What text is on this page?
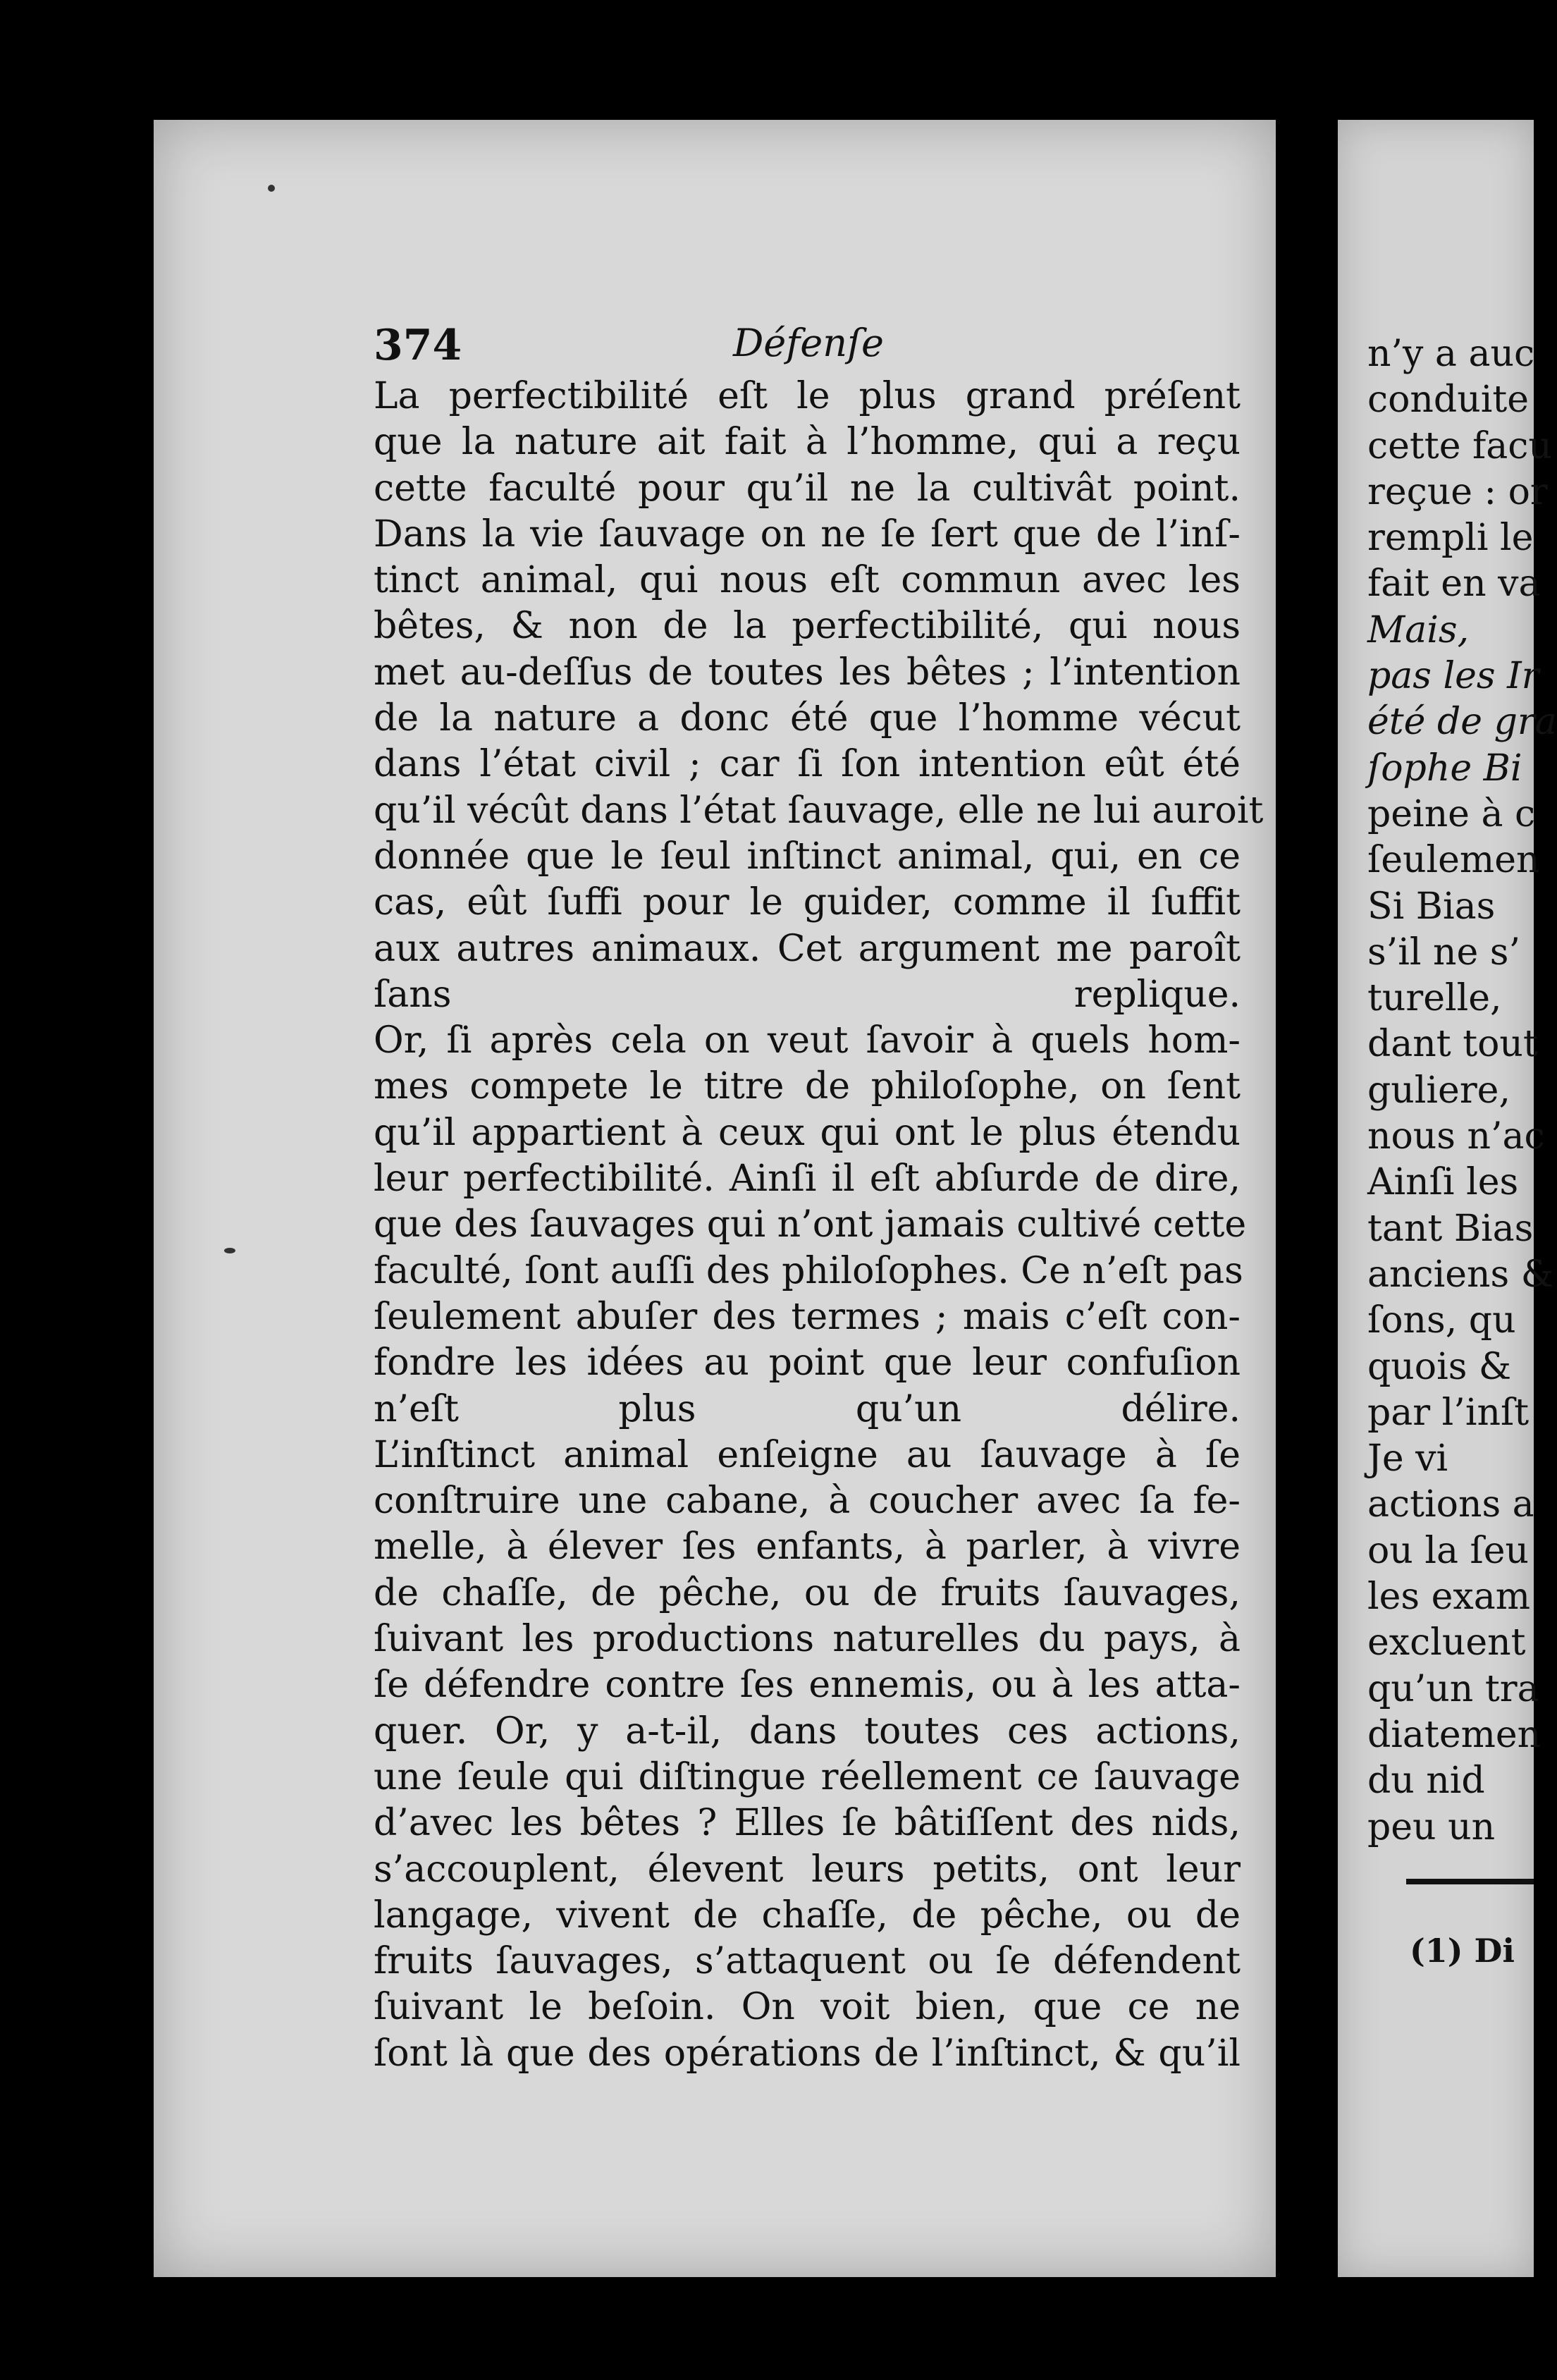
374	Défenſe
La perfectibilité eſt le plus grand préſent
que la nature ait fait à l’homme, qui a reçu
cette faculté pour qu’il ne la cultivât point.
Dans la vie ſauvage on ne ſe ſert que de l’inſ-
tinct animal, qui nous eſt commun avec les
bêtes, & non de la perfectibilité, qui nous
met au-deſſus de toutes les bêtes ; l’intention
de la nature a donc été que l’homme vécut
dans l’état civil ; car ſi ſon intention eût été
qu’il vécût dans l’état ſauvage, elle ne lui auroit
donnée que le ſeul inſtinct animal, qui, en ce
cas, eût ſuffi pour le guider, comme il ſuffit
aux autres animaux. Cet argument me paroît
ſans replique.
Or, ſi après cela on veut ſavoir à quels hom-
mes compete le titre de philoſophe, on ſent
qu’il appartient à ceux qui ont le plus étendu
leur perfectibilité. Ainſi il eſt abſurde de dire,
que des ſauvages qui n’ont jamais cultivé cette
faculté, ſont auſſi des philoſophes. Ce n’eſt pas
ſeulement abuſer des termes ; mais c’eſt con-
fondre les idées au point que leur confuſion
n’eſt plus qu’un délire.
L’inſtinct animal enſeigne au ſauvage à ſe
conſtruire une cabane, à coucher avec ſa fe-
melle, à élever ſes enfants, à parler, à vivre
de chaſſe, de pêche, ou de fruits ſauvages,
ſuivant les productions naturelles du pays, à
ſe défendre contre ſes ennemis, ou à les atta-
quer. Or, y a-t-il, dans toutes ces actions,
une ſeule qui diſtingue réellement ce ſauvage
d’avec les bêtes ? Elles ſe bâtiſſent des nids,
s’accouplent, élevent leurs petits, ont leur
langage, vivent de chaſſe, de pêche, ou de
fruits ſauvages, s’attaquent ou ſe défendent
ſuivant le beſoin. On voit bien, que ce ne
ſont là que des opérations de l’inſtinct, & qu’il
n’y a auc
conduite
cette facu
reçue : or
rempli le
fait en va
Mais,
pas les Ir
été de gra
ſophe Bi
peine à c
ſeulemen
Si Bias
s’il ne s’
turelle,
dant tout
guliere,
nous n’ac
Ainſi les
tant Bias
anciens &
ſons, qu
quois &
par l’inſt
Je vi
actions a
ou la ſeu
les exam
excluent
qu’un tra
diatemen
du nid
peu un
(1) Di
